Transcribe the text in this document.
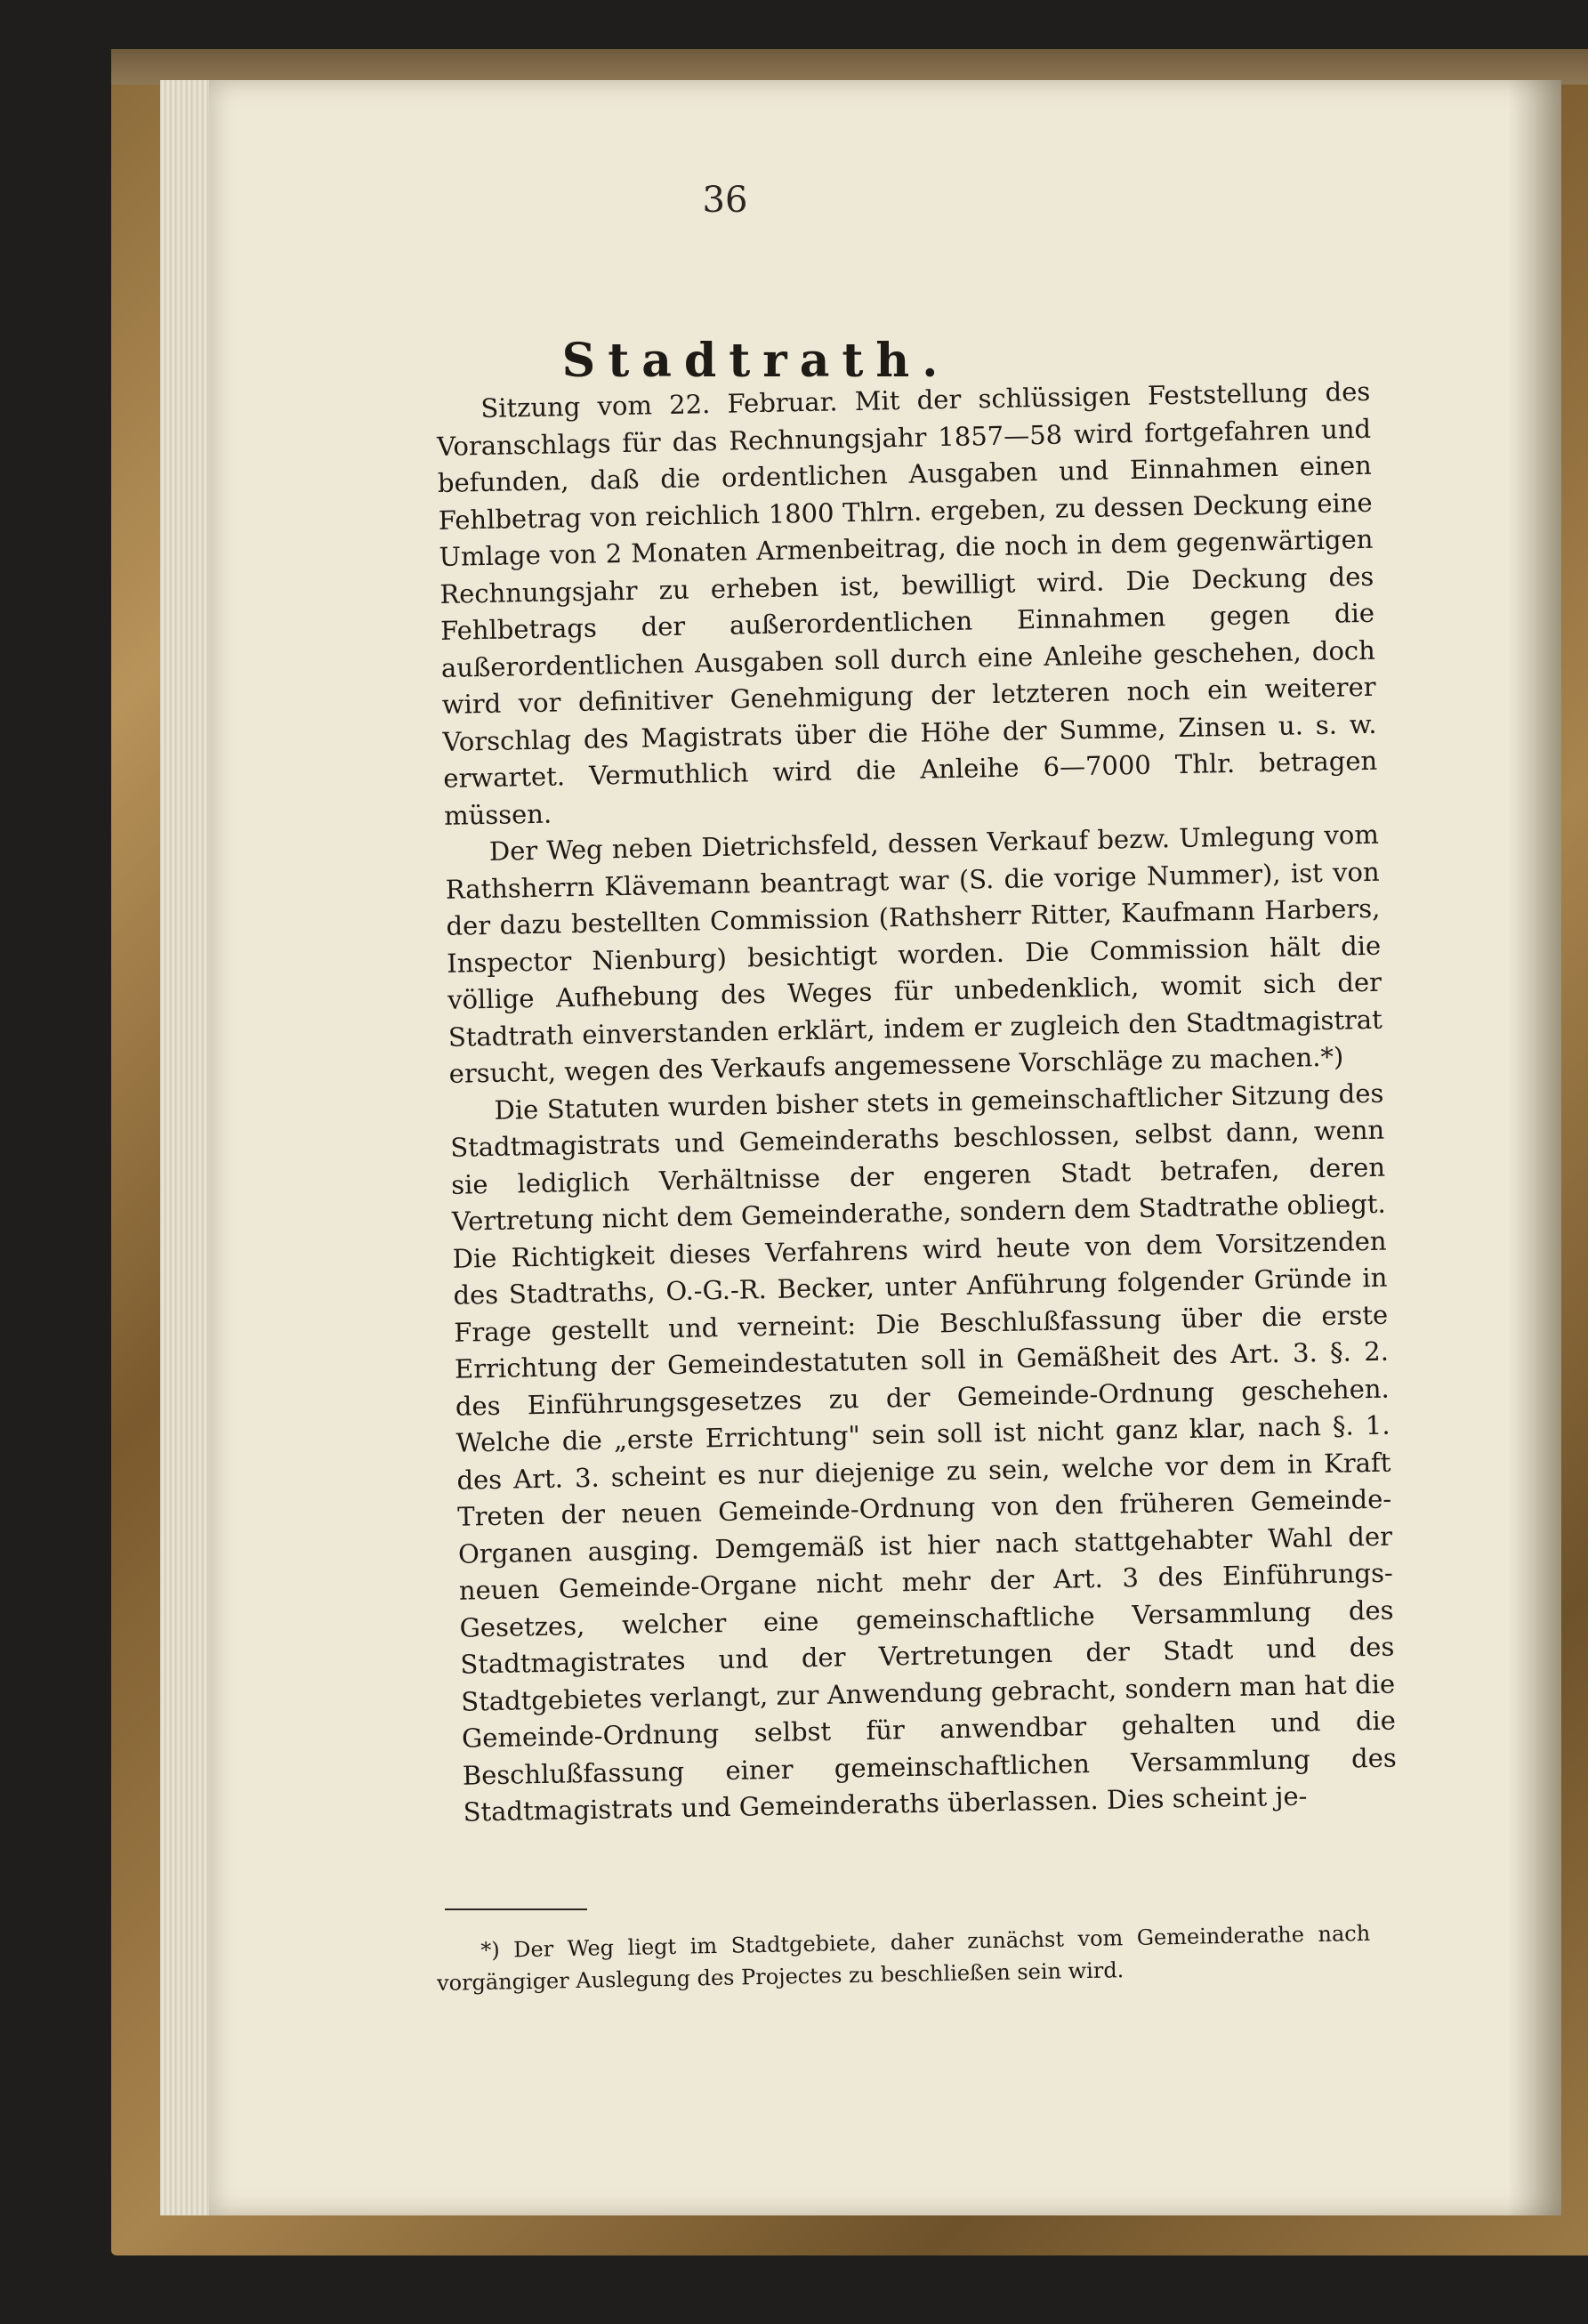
36
Stadtrath.

Sitzung vom 22. Februar. Mit der schlüssigen Feststellung des Voranschlags für das Rechnungsjahr 1857—58 wird fortgefahren und befunden, daß die ordentlichen Ausgaben und Einnahmen einen Fehlbetrag von reichlich 1800 Thlrn. ergeben, zu dessen Deckung eine Umlage von 2 Monaten Armenbeitrag, die noch in dem gegenwärtigen Rechnungsjahr zu erheben ist, bewilligt wird. Die Deckung des Fehlbetrags der außerordentlichen Einnahmen gegen die außerordentlichen Ausgaben soll durch eine Anleihe geschehen, doch wird vor definitiver Genehmigung der letzteren noch ein weiterer Vorschlag des Magistrats über die Höhe der Summe, Zinsen u. s. w. erwartet. Vermuthlich wird die Anleihe 6—7000 Thlr. betragen müssen.

Der Weg neben Dietrichsfeld, dessen Verkauf bezw. Umlegung vom Rathsherrn Klävemann beantragt war (S. die vorige Nummer), ist von der dazu bestellten Commission (Rathsherr Ritter, Kaufmann Harbers, Inspector Nienburg) besichtigt worden. Die Commission hält die völlige Aufhebung des Weges für unbedenklich, womit sich der Stadtrath einverstanden erklärt, indem er zugleich den Stadtmagistrat ersucht, wegen des Verkaufs angemessene Vorschläge zu machen.*)

Die Statuten wurden bisher stets in gemeinschaftlicher Sitzung des Stadtmagistrats und Gemeinderaths beschlossen, selbst dann, wenn sie lediglich Verhältnisse der engeren Stadt betrafen, deren Vertretung nicht dem Gemeinderathe, sondern dem Stadtrathe obliegt. Die Richtigkeit dieses Verfahrens wird heute von dem Vorsitzenden des Stadtraths, O.-G.-R. Becker, unter Anführung folgender Gründe in Frage gestellt und verneint: Die Beschlußfassung über die erste Errichtung der Gemeindestatuten soll in Gemäßheit des Art. 3. §. 2. des Einführungsgesetzes zu der Gemeinde-Ordnung geschehen. Welche die „erste Errichtung" sein soll ist nicht ganz klar, nach §. 1. des Art. 3. scheint es nur diejenige zu sein, welche vor dem in Kraft Treten der neuen Gemeinde-Ordnung von den früheren Gemeinde-Organen ausging. Demgemäß ist hier nach stattgehabter Wahl der neuen Gemeinde-Organe nicht mehr der Art. 3 des Einführungs-Gesetzes, welcher eine gemeinschaftliche Versammlung des Stadtmagistrates und der Vertretungen der Stadt und des Stadtgebietes verlangt, zur Anwendung gebracht, sondern man hat die Gemeinde-Ordnung selbst für anwendbar gehalten und die Beschlußfassung einer gemeinschaftlichen Versammlung des Stadtmagistrats und Gemeinderaths überlassen. Dies scheint je-

*) Der Weg liegt im Stadtgebiete, daher zunächst vom Gemeinderathe nach vorgängiger Auslegung des Projectes zu beschließen sein wird.
